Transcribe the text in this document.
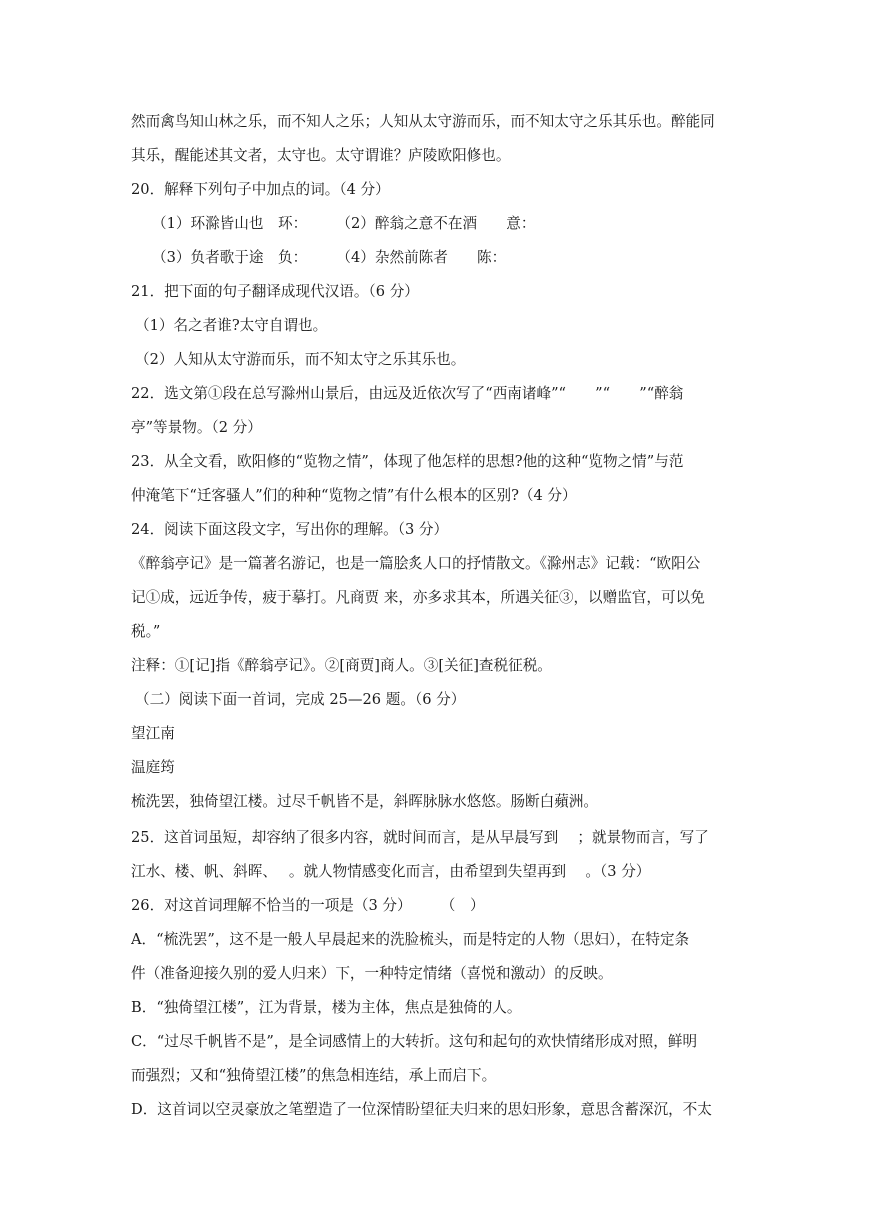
然而禽鸟知山林之乐，而不知人之乐；人知从太守游而乐，而不知太守之乐其乐也。醉能同
其乐，醒能述其文者，太守也。太守谓谁？庐陵欧阳修也。
20．解释下列句子中加点的词。（4 分）
（1）环滁皆山也　环：　　　（2）醉翁之意不在酒　　意：
（3）负者歌于途　负：　　　（4）杂然前陈者　　陈：
21．把下面的句子翻译成现代汉语。（6 分）
（1）名之者谁?太守自谓也。
（2）人知从太守游而乐，而不知太守之乐其乐也。
22．选文第①段在总写滁州山景后，由远及近依次写了“西南诸峰”“　　”“　　”“醉翁
亭”等景物。（2 分）
23．从全文看，欧阳修的“览物之情”，体现了他怎样的思想?他的这种“览物之情”与范
仲淹笔下“迁客骚人”们的种种“览物之情”有什么根本的区别?（4 分）
24．阅读下面这段文字，写出你的理解。（3 分）
《醉翁亭记》是一篇著名游记，也是一篇脍炙人口的抒情散文。《滁州志》记载：“欧阳公
记①成，远近争传，疲于摹打。凡商贾 来，亦多求其本，所遇关征③，以赠监官，可以免
税。”
注释：①[记]指《醉翁亭记》。②[商贾]商人。③[关征]查税征税。
（二）阅读下面一首词，完成 25—26 题。（6 分）
望江南
温庭筠
梳洗罢，独倚望江楼。过尽千帆皆不是，斜晖脉脉水悠悠。肠断白蘋洲。
25．这首词虽短，却容纳了很多内容，就时间而言，是从早晨写到　 ；就景物而言，写了
江水、楼、帆、斜晖、　 。就人物情感变化而言，由希望到失望再到　 。（3 分）
26．对这首词理解不恰当的一项是（3 分）　　　（　）
A．“梳洗罢”，这不是一般人早晨起来的洗脸梳头，而是特定的人物（思妇），在特定条
件（准备迎接久别的爱人归来）下，一种特定情绪（喜悦和激动）的反映。
B．“独倚望江楼”，江为背景，楼为主体，焦点是独倚的人。
C．“过尽千帆皆不是”，是全词感情上的大转折。这句和起句的欢快情绪形成对照，鲜明
而强烈；又和“独倚望江楼”的焦急相连结，承上而启下。
D．这首词以空灵豪放之笔塑造了一位深情盼望征夫归来的思妇形象，意思含蓄深沉，不太
